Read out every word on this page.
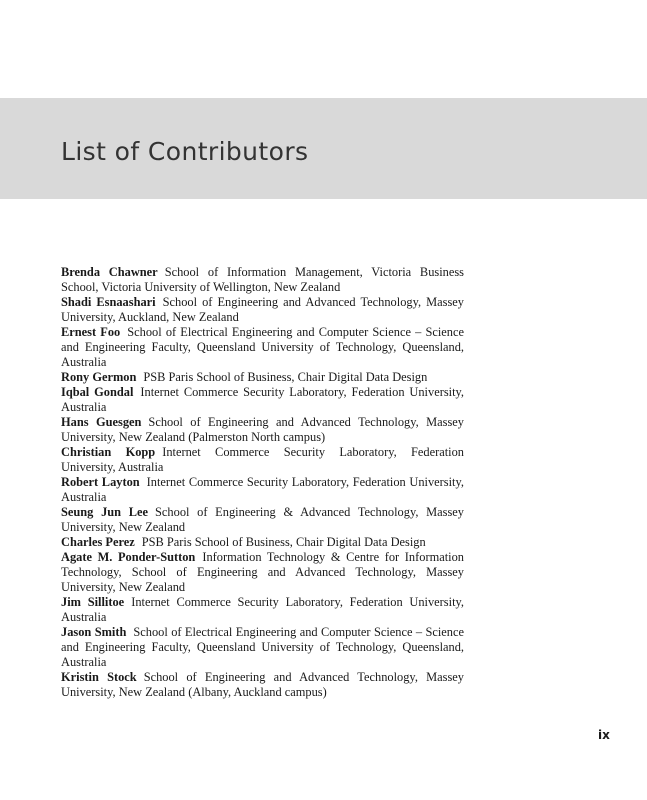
List of Contributors

Brenda Chawner School of Information Management, Victoria Business School, Victoria University of Wellington, New Zealand

Shadi Esnaashari School of Engineering and Advanced Technology, Massey University, Auckland, New Zealand

Ernest Foo School of Electrical Engineering and Computer Science – Science and Engineering Faculty, Queensland University of Technology, Queensland, Australia

Rony Germon PSB Paris School of Business, Chair Digital Data Design

Iqbal Gondal Internet Commerce Security Laboratory, Federation University, Australia

Hans Guesgen School of Engineering and Advanced Technology, Massey University, New Zealand (Palmerston North campus)

Christian Kopp Internet Commerce Security Laboratory, Federation University, Australia

Robert Layton Internet Commerce Security Laboratory, Federation University, Australia

Seung Jun Lee School of Engineering & Advanced Technology, Massey University, New Zealand

Charles Perez PSB Paris School of Business, Chair Digital Data Design

Agate M. Ponder-Sutton Information Technology & Centre for Information Technology, School of Engineering and Advanced Technology, Massey University, New Zealand

Jim Sillitoe Internet Commerce Security Laboratory, Federation University, Australia

Jason Smith School of Electrical Engineering and Computer Science – Science and Engineering Faculty, Queensland University of Technology, Queensland, Australia

Kristin Stock School of Engineering and Advanced Technology, Massey University, New Zealand (Albany, Auckland campus)

ix
